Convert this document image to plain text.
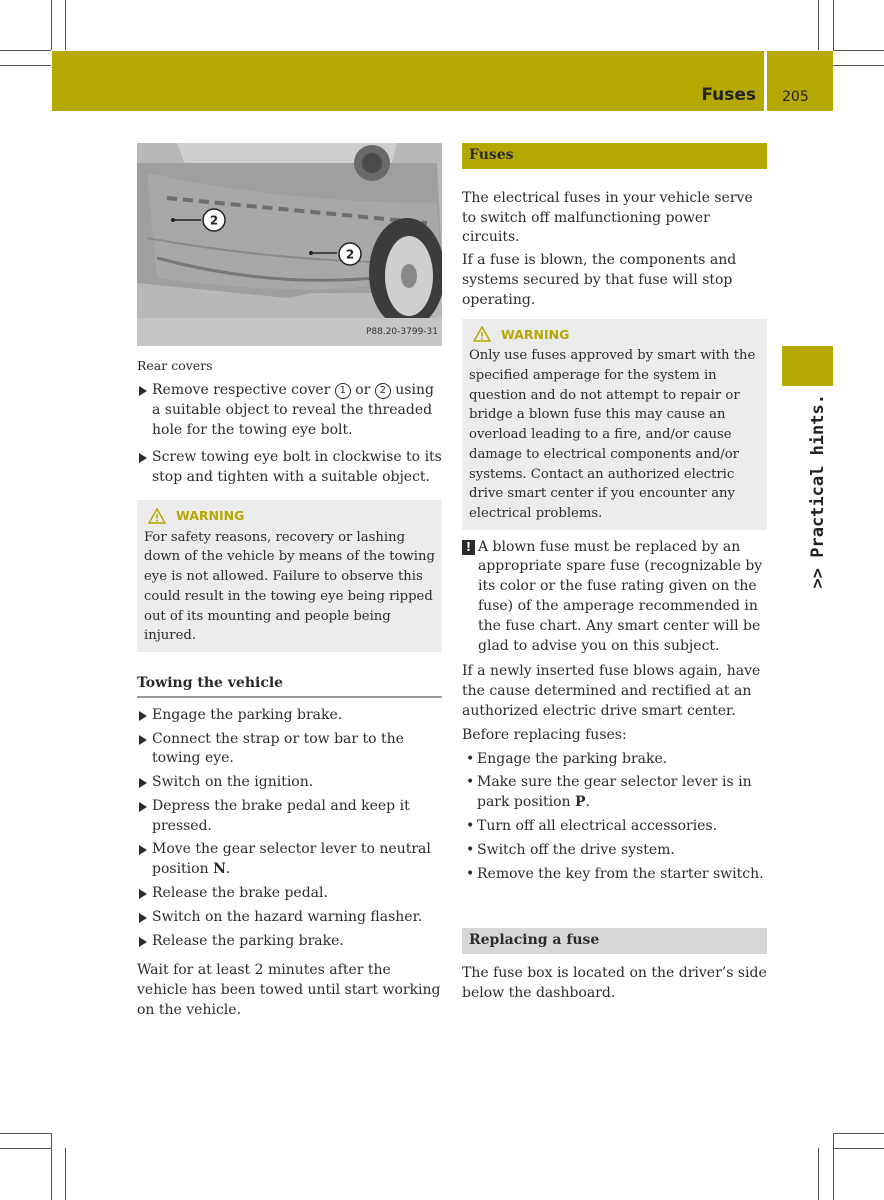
Fuses 205
>> Practical hints.
2
2
P88.20-3799-31
Rear covers
Remove respective cover 1 or 2 using a suitable object to reveal the threaded hole for the towing eye bolt.
Screw towing eye bolt in clockwise to its stop and tighten with a suitable object.
WARNING
For safety reasons, recovery or lashing down of the vehicle by means of the towing eye is not allowed. Failure to observe this could result in the towing eye being ripped out of its mounting and people being injured.
Towing the vehicle
Engage the parking brake.
Connect the strap or tow bar to the towing eye.
Switch on the ignition.
Depress the brake pedal and keep it pressed.
Move the gear selector lever to neutral position N.
Release the brake pedal.
Switch on the hazard warning flasher.
Release the parking brake.

Wait for at least 2 minutes after the vehicle has been towed until start working on the vehicle.

Fuses

The electrical fuses in your vehicle serve to switch off malfunctioning power circuits.

If a fuse is blown, the components and systems secured by that fuse will stop operating.

WARNING
Only use fuses approved by smart with the specified amperage for the system in question and do not attempt to repair or bridge a blown fuse this may cause an overload leading to a fire, and/or cause damage to electrical components and/or systems. Contact an authorized electric drive smart center if you encounter any electrical problems.
! A blown fuse must be replaced by an appropriate spare fuse (recognizable by its color or the fuse rating given on the fuse) of the amperage recommended in the fuse chart. Any smart center will be glad to advise you on this subject.

If a newly inserted fuse blows again, have the cause determined and rectified at an authorized electric drive smart center.

Before replacing fuses:

• Engage the parking brake.
• Make sure the gear selector lever is in park position P.
• Turn off all electrical accessories.
• Switch off the drive system.
• Remove the key from the starter switch.
Replacing a fuse

The fuse box is located on the driver’s side below the dashboard.
